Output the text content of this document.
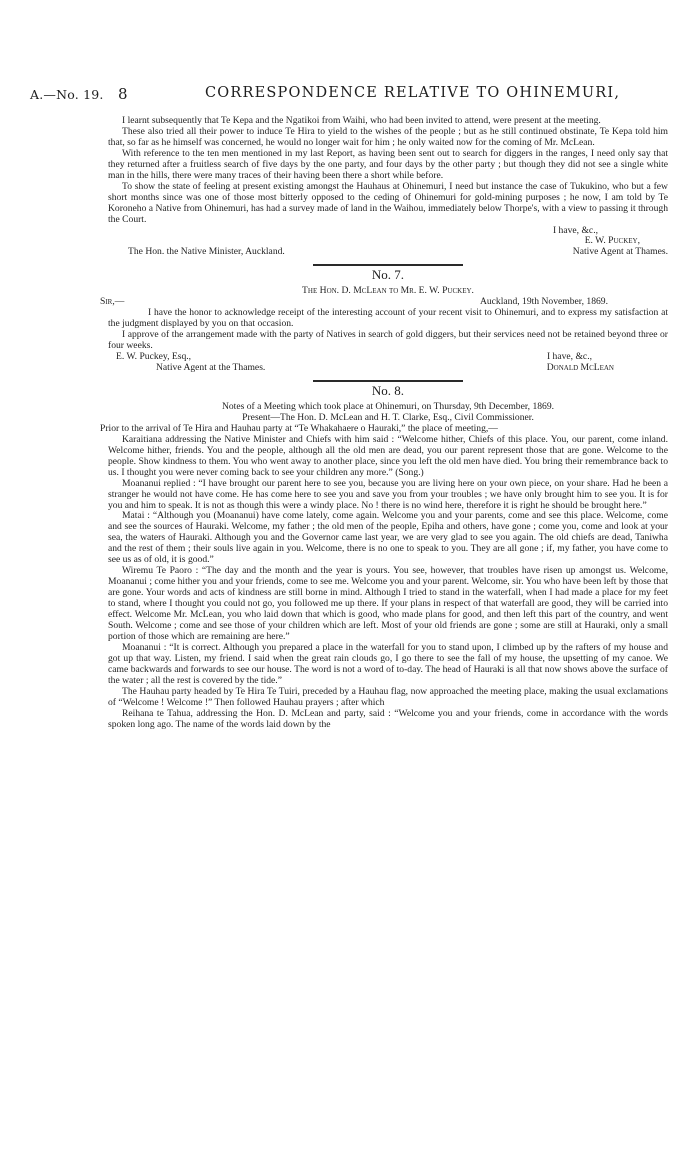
A.—No. 19. 8	CORRESPONDENCE RELATIVE TO OHINEMURI,

I learnt subsequently that Te Kepa and the Ngatikoi from Waihi, who had been invited to attend, were present at the meeting.

These also tried all their power to induce Te Hira to yield to the wishes of the people ; but as he still continued obstinate, Te Kepa told him that, so far as he himself was concerned, he would no longer wait for him ; he only waited now for the coming of Mr. McLean.

With reference to the ten men mentioned in my last Report, as having been sent out to search for diggers in the ranges, I need only say that they returned after a fruitless search of five days by the one party, and four days by the other party ; but though they did not see a single white man in the hills, there were many traces of their having been there a short while before.

To show the state of feeling at present existing amongst the Hauhaus at Ohinemuri, I need but instance the case of Tukukino, who but a few short months since was one of those most bitterly opposed to the ceding of Ohinemuri for gold-mining purposes ; he now, I am told by Te Koroneho a Native from Ohinemuri, has had a survey made of land in the Waihou, immediately below Thorpe's, with a view to passing it through the Court.

I have, &c.,

E. W. Puckey,

The Hon. the Native Minister, Auckland.	Native Agent at Thames.

No. 7.

The Hon. D. McLean to Mr. E. W. Puckey.

Sir,—	Auckland, 19th November, 1869.

I have the honor to acknowledge receipt of the interesting account of your recent visit to Ohinemuri, and to express my satisfaction at the judgment displayed by you on that occasion.

I approve of the arrangement made with the party of Natives in search of gold diggers, but their services need not be retained beyond three or four weeks.

E. W. Puckey, Esq.,	I have, &c.,
Native Agent at the Thames.	Donald McLean

No. 8.

Notes of a Meeting which took place at Ohinemuri, on Thursday, 9th December, 1869.

Present—The Hon. D. McLean and H. T. Clarke, Esq., Civil Commissioner.

Prior to the arrival of Te Hira and Hauhau party at “Te Whakahaere o Hauraki,” the place of meeting,—

Karaitiana addressing the Native Minister and Chiefs with him said : “Welcome hither, Chiefs of this place. You, our parent, come inland. Welcome hither, friends. You and the people, although all the old men are dead, you our parent represent those that are gone. Welcome to the people. Show kindness to them. You who went away to another place, since you left the old men have died. You bring their remembrance back to us. I thought you were never coming back to see your children any more.” (Song.)

Moananui replied : “I have brought our parent here to see you, because you are living here on your own piece, on your share. Had he been a stranger he would not have come. He has come here to see you and save you from your troubles ; we have only brought him to see you. It is for you and him to speak. It is not as though this were a windy place. No ! there is no wind here, therefore it is right he should be brought here.”

Matai : “Although you (Moananui) have come lately, come again. Welcome you and your parents, come and see this place. Welcome, come and see the sources of Hauraki. Welcome, my father ; the old men of the people, Epiha and others, have gone ; come you, come and look at your sea, the waters of Hauraki. Although you and the Governor came last year, we are very glad to see you again. The old chiefs are dead, Taniwha and the rest of them ; their souls live again in you. Welcome, there is no one to speak to you. They are all gone ; if, my father, you have come to see us as of old, it is good.”

Wiremu Te Paoro : “The day and the month and the year is yours. You see, however, that troubles have risen up amongst us. Welcome, Moananui ; come hither you and your friends, come to see me. Welcome you and your parent. Welcome, sir. You who have been left by those that are gone. Your words and acts of kindness are still borne in mind. Although I tried to stand in the waterfall, when I had made a place for my feet to stand, where I thought you could not go, you followed me up there. If your plans in respect of that waterfall are good, they will be carried into effect. Welcome Mr. McLean, you who laid down that which is good, who made plans for good, and then left this part of the country, and went South. Welcome ; come and see those of your children which are left. Most of your old friends are gone ; some are still at Hauraki, only a small portion of those which are remaining are here.”

Moananui : “It is correct. Although you prepared a place in the waterfall for you to stand upon, I climbed up by the rafters of my house and got up that way. Listen, my friend. I said when the great rain clouds go, I go there to see the fall of my house, the upsetting of my canoe. We came backwards and forwards to see our house. The word is not a word of to-day. The head of Hauraki is all that now shows above the surface of the water ; all the rest is covered by the tide.”

The Hauhau party headed by Te Hira Te Tuiri, preceded by a Hauhau flag, now approached the meeting place, making the usual exclamations of “Welcome ! Welcome !” Then followed Hauhau prayers ; after which

Reihana te Tahua, addressing the Hon. D. McLean and party, said : “Welcome you and your friends, come in accordance with the words spoken long ago. The name of the words laid down by the
